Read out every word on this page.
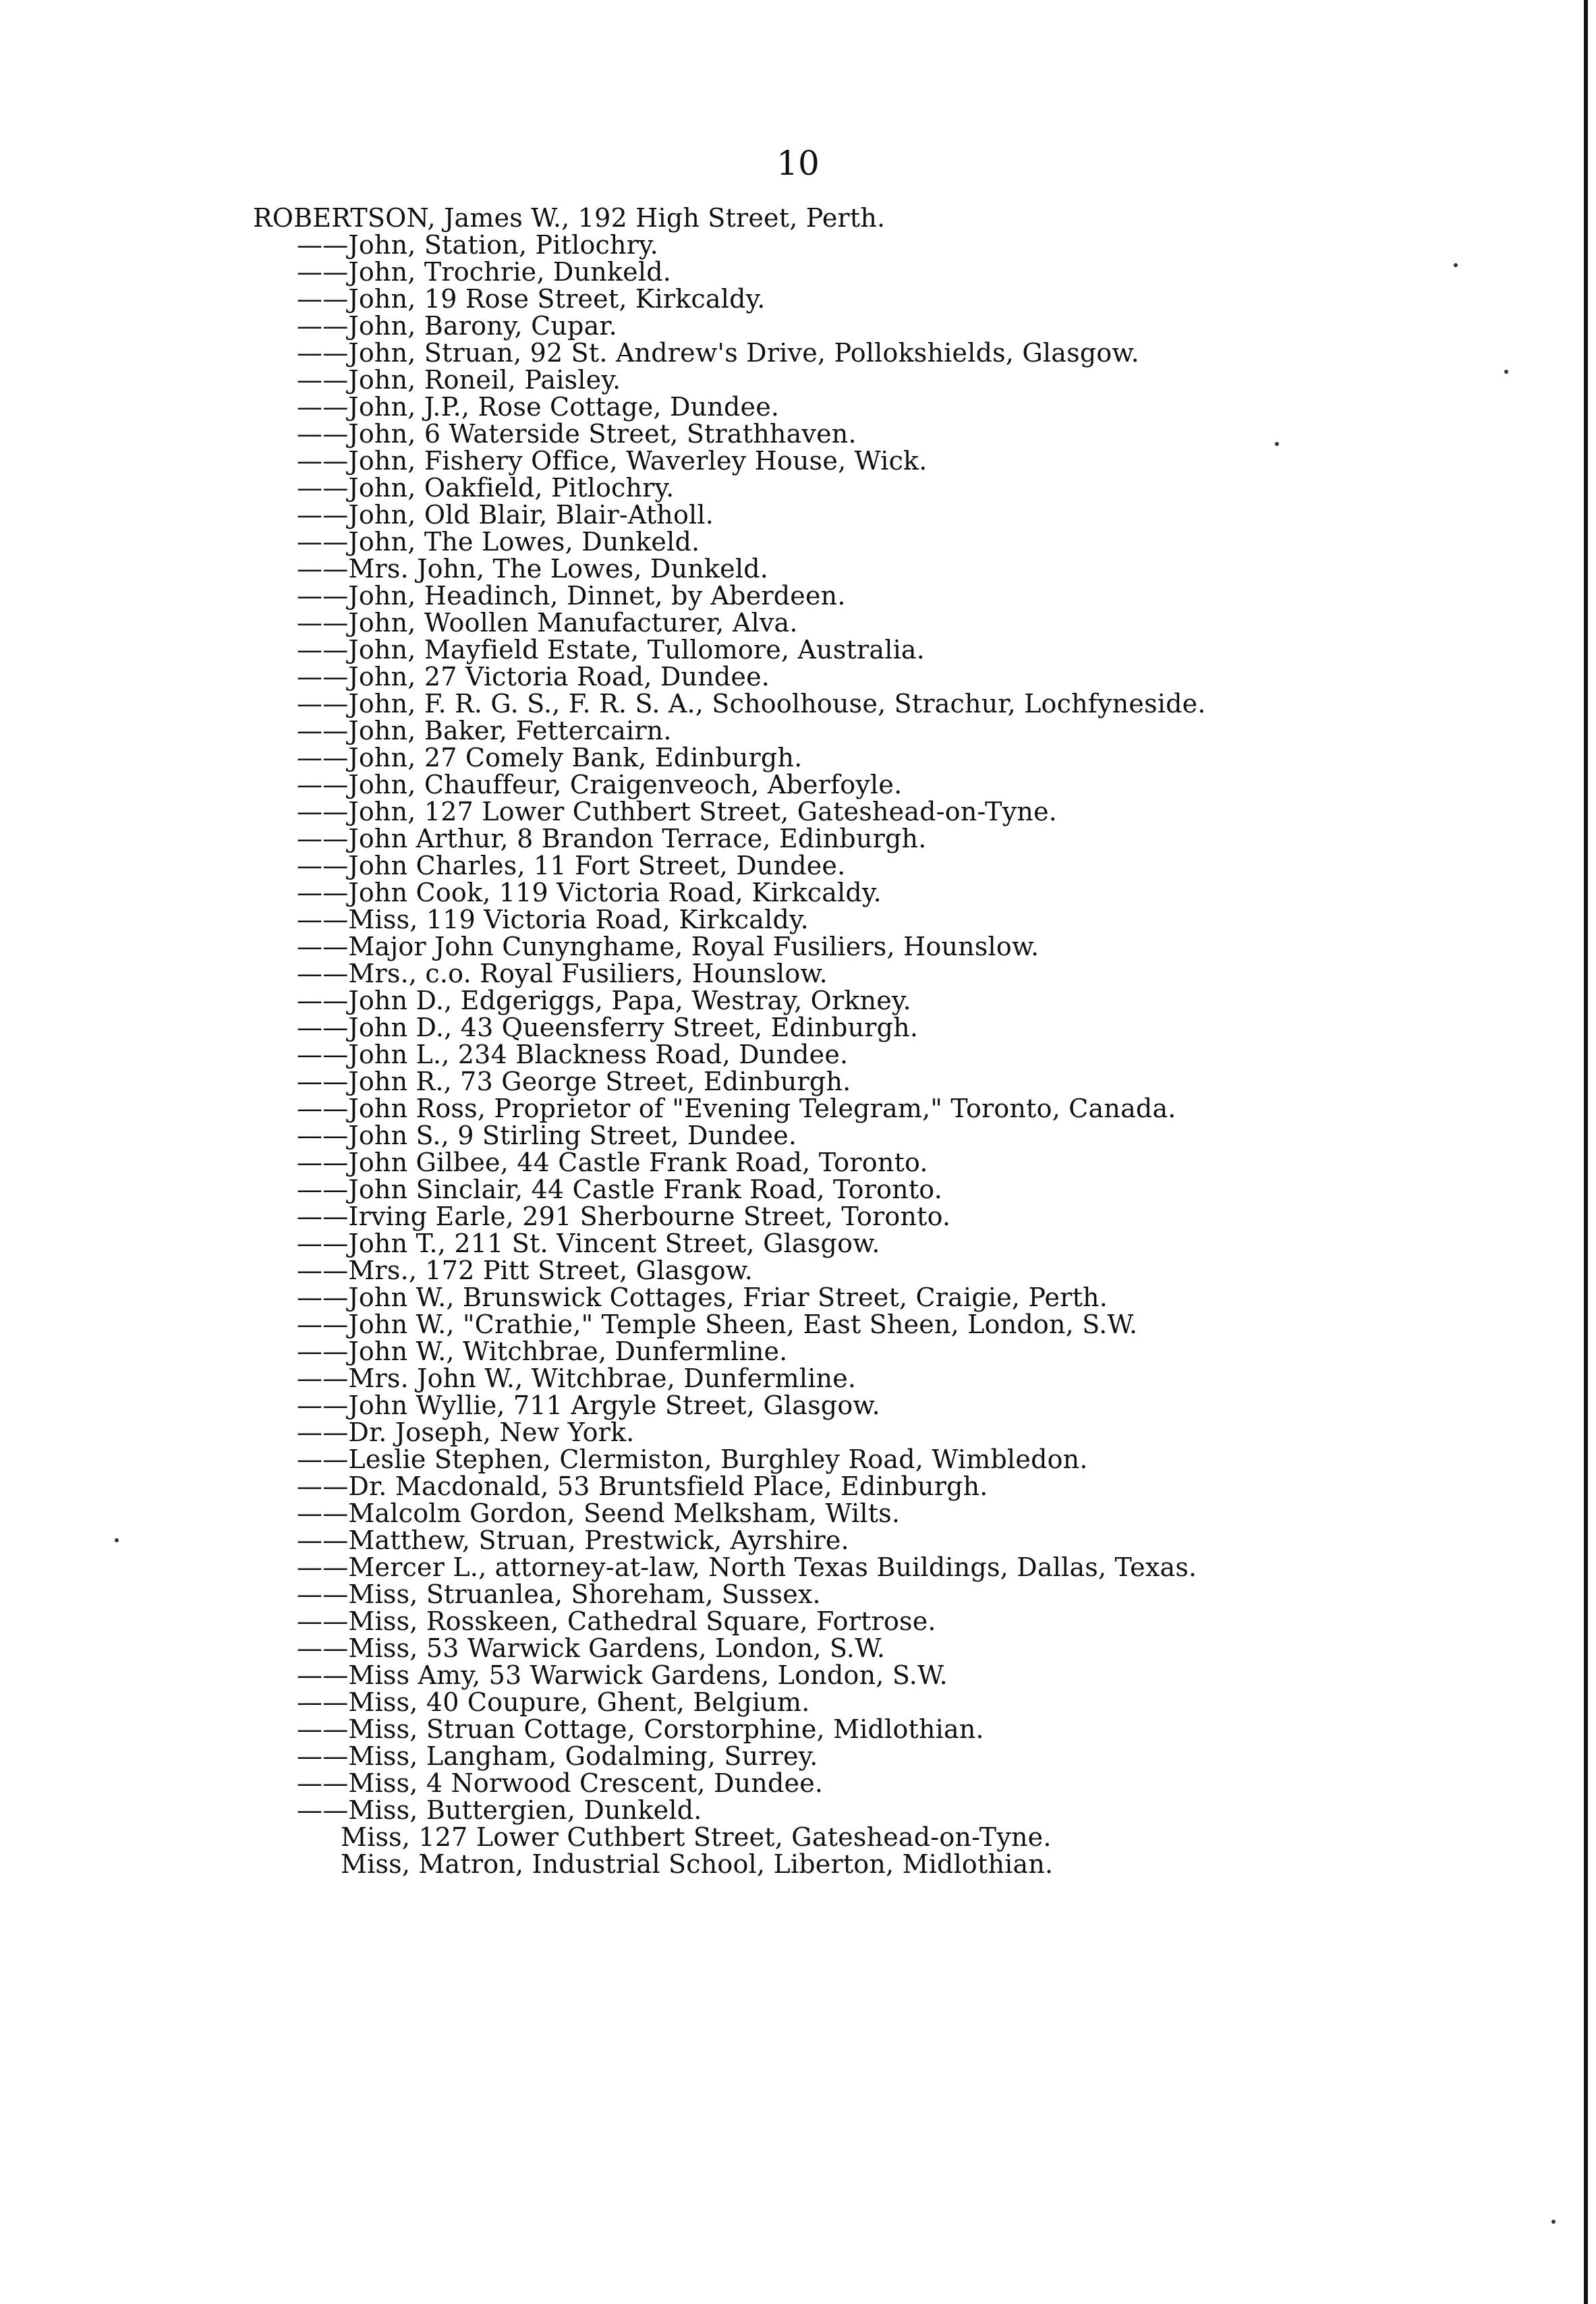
10
ROBERTSON, James W., 192 High Street, Perth.
——John, Station, Pitlochry.
——John, Trochrie, Dunkeld.
——John, 19 Rose Street, Kirkcaldy.
——John, Barony, Cupar.
——John, Struan, 92 St. Andrew's Drive, Pollokshields, Glasgow.
——John, Roneil, Paisley.
——John, J.P., Rose Cottage, Dundee.
——John, 6 Waterside Street, Strathhaven.
——John, Fishery Office, Waverley House, Wick.
——John, Oakfield, Pitlochry.
——John, Old Blair, Blair-Atholl.
——John, The Lowes, Dunkeld.
——Mrs. John, The Lowes, Dunkeld.
——John, Headinch, Dinnet, by Aberdeen.
——John, Woollen Manufacturer, Alva.
——John, Mayfield Estate, Tullomore, Australia.
——John, 27 Victoria Road, Dundee.
——John, F. R. G. S., F. R. S. A., Schoolhouse, Strachur, Lochfyneside.
——John, Baker, Fettercairn.
——John, 27 Comely Bank, Edinburgh.
——John, Chauffeur, Craigenveoch, Aberfoyle.
——John, 127 Lower Cuthbert Street, Gateshead-on-Tyne.
——John Arthur, 8 Brandon Terrace, Edinburgh.
——John Charles, 11 Fort Street, Dundee.
——John Cook, 119 Victoria Road, Kirkcaldy.
——Miss, 119 Victoria Road, Kirkcaldy.
——Major John Cunynghame, Royal Fusiliers, Hounslow.
——Mrs., c.o. Royal Fusiliers, Hounslow.
——John D., Edgeriggs, Papa, Westray, Orkney.
——John D., 43 Queensferry Street, Edinburgh.
——John L., 234 Blackness Road, Dundee.
——John R., 73 George Street, Edinburgh.
——John Ross, Proprietor of "Evening Telegram," Toronto, Canada.
——John S., 9 Stirling Street, Dundee.
——John Gilbee, 44 Castle Frank Road, Toronto.
——John Sinclair, 44 Castle Frank Road, Toronto.
——Irving Earle, 291 Sherbourne Street, Toronto.
——John T., 211 St. Vincent Street, Glasgow.
——Mrs., 172 Pitt Street, Glasgow.
——John W., Brunswick Cottages, Friar Street, Craigie, Perth.
——John W., "Crathie," Temple Sheen, East Sheen, London, S.W.
——John W., Witchbrae, Dunfermline.
——Mrs. John W., Witchbrae, Dunfermline.
——John Wyllie, 711 Argyle Street, Glasgow.
——Dr. Joseph, New York.
——Leslie Stephen, Clermiston, Burghley Road, Wimbledon.
——Dr. Macdonald, 53 Bruntsfield Place, Edinburgh.
——Malcolm Gordon, Seend Melksham, Wilts.
——Matthew, Struan, Prestwick, Ayrshire.
——Mercer L., attorney-at-law, North Texas Buildings, Dallas, Texas.
——Miss, Struanlea, Shoreham, Sussex.
——Miss, Rosskeen, Cathedral Square, Fortrose.
——Miss, 53 Warwick Gardens, London, S.W.
——Miss Amy, 53 Warwick Gardens, London, S.W.
——Miss, 40 Coupure, Ghent, Belgium.
——Miss, Struan Cottage, Corstorphine, Midlothian.
——Miss, Langham, Godalming, Surrey.
——Miss, 4 Norwood Crescent, Dundee.
——Miss, Buttergien, Dunkeld.
Miss, 127 Lower Cuthbert Street, Gateshead-on-Tyne.
Miss, Matron, Industrial School, Liberton, Midlothian.
